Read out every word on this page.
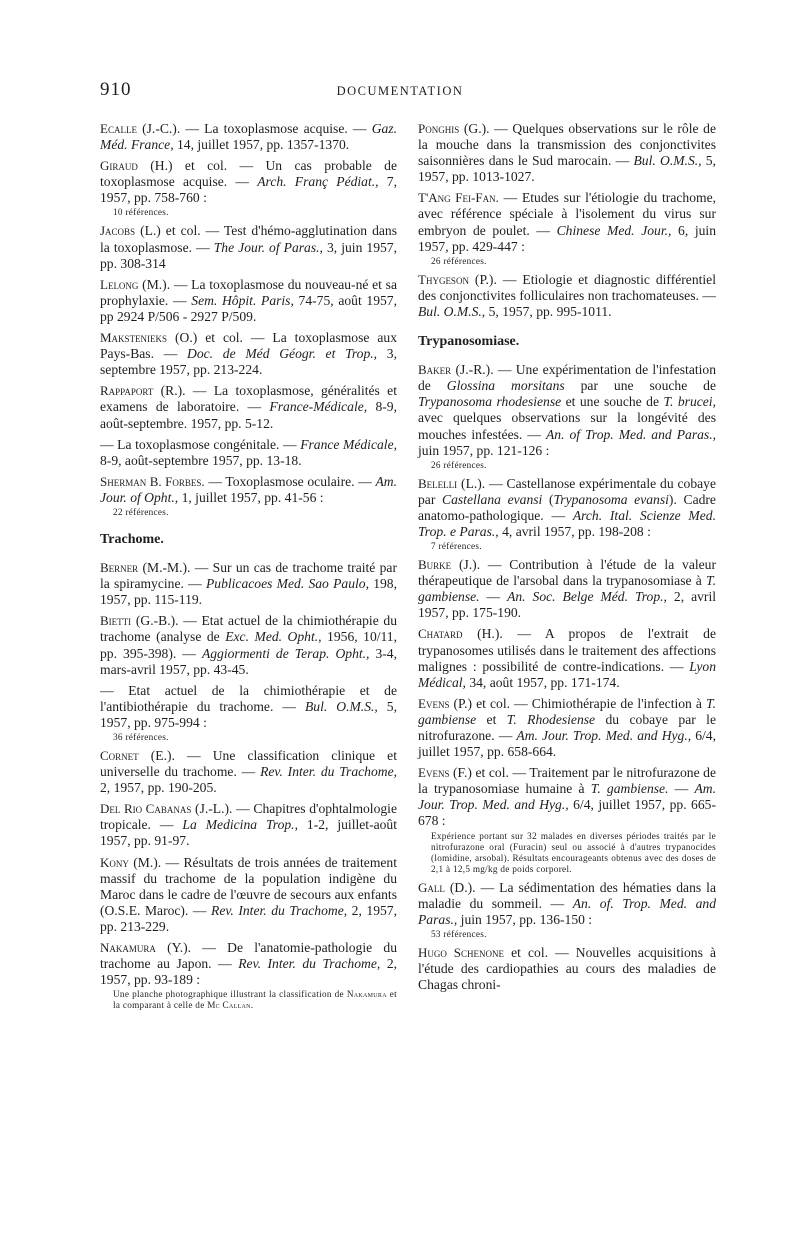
910	DOCUMENTATION

Ecalle (J.-C.). — La toxoplasmose acquise. — Gaz. Méd. France, 14, juillet 1957, pp. 1357-1370.

Giraud (H.) et col. — Un cas probable de toxoplasmose acquise. — Arch. Franç Pédiat., 7, 1957, pp. 758-760 :
10 références.

Jacobs (L.) et col. — Test d'hémo-agglutination dans la toxoplasmose. — The Jour. of Paras., 3, juin 1957, pp. 308-314

Lelong (M.). — La toxoplasmose du nouveau-né et sa prophylaxie. — Sem. Hôpit. Paris, 74-75, août 1957, pp 2924 P/506 - 2927 P/509.

Makstenieks (O.) et col. — La toxoplasmose aux Pays-Bas. — Doc. de Méd Géogr. et Trop., 3, septembre 1957, pp. 213-224.

Rappaport (R.). — La toxoplasmose, généralités et examens de laboratoire. — France-Médicale, 8-9, août-septembre. 1957, pp. 5-12.

— La toxoplasmose congénitale. — France Médicale, 8-9, août-septembre 1957, pp. 13-18.

Sherman B. Forbes. — Toxoplasmose oculaire. — Am. Jour. of Opht., 1, juillet 1957, pp. 41-56 :
22 références.

Trachome.

Berner (M.-M.). — Sur un cas de trachome traité par la spiramycine. — Publicacoes Med. Sao Paulo, 198, 1957, pp. 115-119.

Bietti (G.-B.). — Etat actuel de la chimiothérapie du trachome (analyse de Exc. Med. Opht., 1956, 10/11, pp. 395-398). — Aggiormenti de Terap. Opht., 3-4, mars-avril 1957, pp. 43-45.

— Etat actuel de la chimiothérapie et de l'antibiothérapie du trachome. — Bul. O.M.S., 5, 1957, pp. 975-994 :
36 références.

Cornet (E.). — Une classification clinique et universelle du trachome. — Rev. Inter. du Trachome, 2, 1957, pp. 190-205.

Del Rio Cabanas (J.-L.). — Chapitres d'ophtalmologie tropicale. — La Medicina Trop., 1-2, juillet-août 1957, pp. 91-97.

Kony (M.). — Résultats de trois années de traitement massif du trachome de la population indigène du Maroc dans le cadre de l'œuvre de secours aux enfants (O.S.E. Maroc). — Rev. Inter. du Trachome, 2, 1957, pp. 213-229.

Nakamura (Y.). — De l'anatomie-pathologie du trachome au Japon. — Rev. Inter. du Trachome, 2, 1957, pp. 93-189 :
Une planche photographique illustrant la classification de Nakamura et la comparant à celle de Mc Callan.

Ponghis (G.). — Quelques observations sur le rôle de la mouche dans la transmission des conjonctivites saisonnières dans le Sud marocain. — Bul. O.M.S., 5, 1957, pp. 1013-1027.

T'Ang Fei-Fan. — Etudes sur l'étiologie du trachome, avec référence spéciale à l'isolement du virus sur embryon de poulet. — Chinese Med. Jour., 6, juin 1957, pp. 429-447 :
26 références.

Thygeson (P.). — Etiologie et diagnostic différentiel des conjonctivites folliculaires non trachomateuses. — Bul. O.M.S., 5, 1957, pp. 995-1011.

Trypanosomiase.

Baker (J.-R.). — Une expérimentation de l'infestation de Glossina morsitans par une souche de Trypanosoma rhodesiense et une souche de T. brucei, avec quelques observations sur la longévité des mouches infestées. — An. of Trop. Med. and Paras., juin 1957, pp. 121-126 :
26 références.

Belelli (L.). — Castellanose expérimentale du cobaye par Castellana evansi (Trypanosoma evansi). Cadre anatomo-pathologique. — Arch. Ital. Scienze Med. Trop. e Paras., 4, avril 1957, pp. 198-208 :
7 références.

Burke (J.). — Contribution à l'étude de la valeur thérapeutique de l'arsobal dans la trypanosomiase à T. gambiense. — An. Soc. Belge Méd. Trop., 2, avril 1957, pp. 175-190.

Chatard (H.). — A propos de l'extrait de trypanosomes utilisés dans le traitement des affections malignes : possibilité de contre-indications. — Lyon Médical, 34, août 1957, pp. 171-174.

Evens (P.) et col. — Chimiothérapie de l'infection à T. gambiense et T. Rhodesiense du cobaye par le nitrofurazone. — Am. Jour. Trop. Med. and Hyg., 6/4, juillet 1957, pp. 658-664.

Evens (F.) et col. — Traitement par le nitrofurazone de la trypanosomiase humaine à T. gambiense. — Am. Jour. Trop. Med. and Hyg., 6/4, juillet 1957, pp. 665-678 :
Expérience portant sur 32 malades en diverses périodes traités par le nitrofurazone oral (Furacin) seul ou associé à d'autres trypanocides (lomidine, arsobal). Résultats encourageants obtenus avec des doses de 2,1 à 12,5 mg/kg de poids corporel.

Gall (D.). — La sédimentation des hématies dans la maladie du sommeil. — An. of. Trop. Med. and Paras., juin 1957, pp. 136-150 :
53 références.

Hugo Schenone et col. — Nouvelles acquisitions à l'étude des cardiopathies au cours des maladies de Chagas chroni-
